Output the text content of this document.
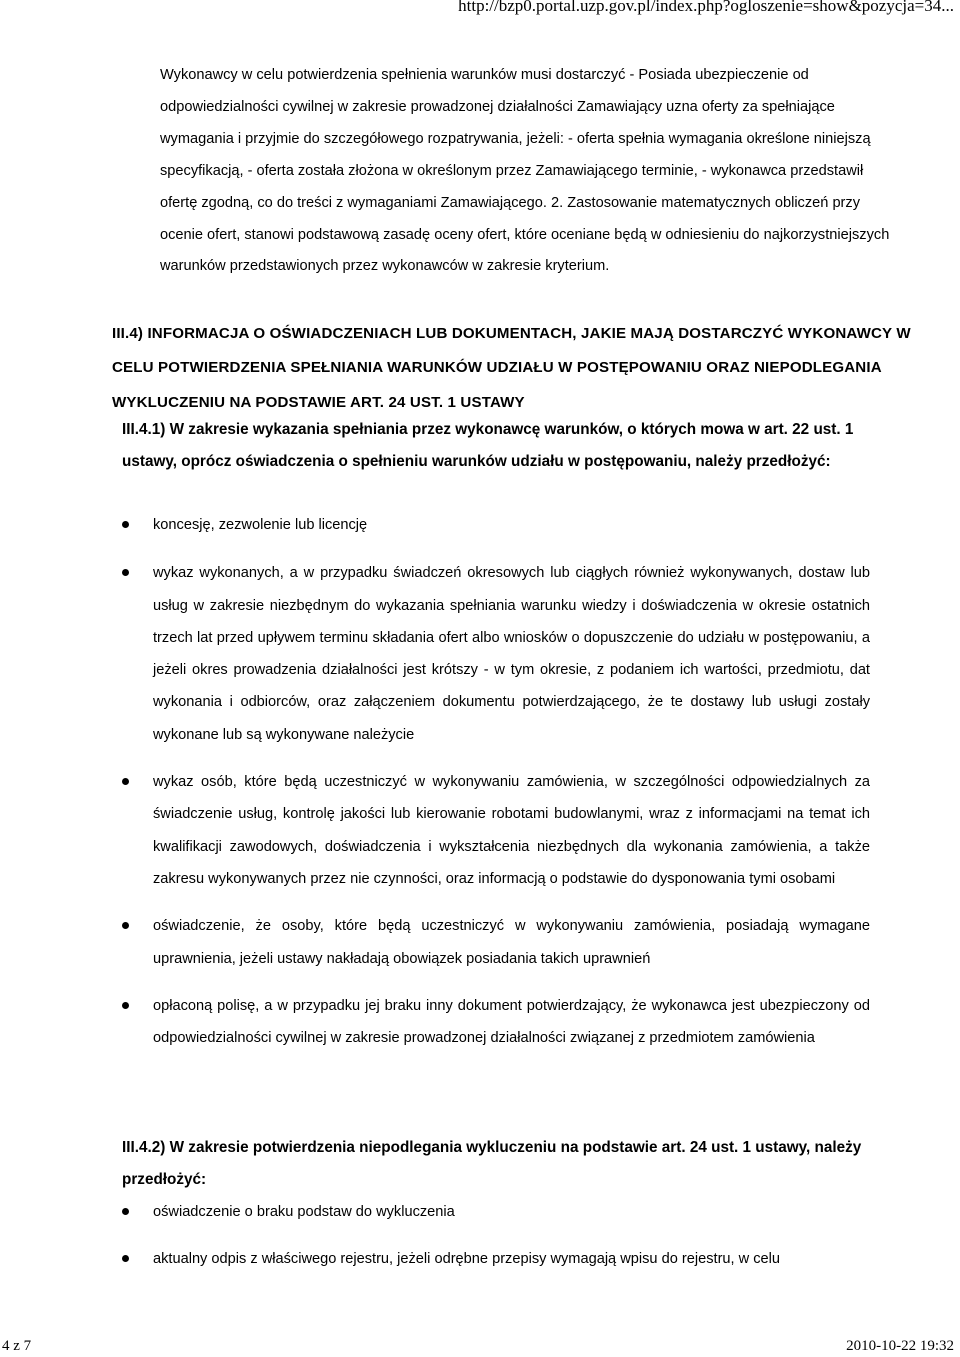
http://bzp0.portal.uzp.gov.pl/index.php?ogloszenie=show&pozycja=34...

Wykonawcy w celu potwierdzenia spełnienia warunków musi dostarczyć - Posiada ubezpieczenie od odpowiedzialności cywilnej w zakresie prowadzonej działalności Zamawiający uzna oferty za spełniające wymagania i przyjmie do szczegółowego rozpatrywania, jeżeli: - oferta spełnia wymagania określone niniejszą specyfikacją, - oferta została złożona w określonym przez Zamawiającego terminie, - wykonawca przedstawił ofertę zgodną, co do treści z wymaganiami Zamawiającego. 2. Zastosowanie matematycznych obliczeń przy ocenie ofert, stanowi podstawową zasadę oceny ofert, które oceniane będą w odniesieniu do najkorzystniejszych warunków przedstawionych przez wykonawców w zakresie kryterium.

III.4) INFORMACJA O OŚWIADCZENIACH LUB DOKUMENTACH, JAKIE MAJĄ DOSTARCZYĆ WYKONAWCY W CELU POTWIERDZENIA SPEŁNIANIA WARUNKÓW UDZIAŁU W POSTĘPOWANIU ORAZ NIEPODLEGANIA WYKLUCZENIU NA PODSTAWIE ART. 24 UST. 1 USTAWY

III.4.1) W zakresie wykazania spełniania przez wykonawcę warunków, o których mowa w art. 22 ust. 1 ustawy, oprócz oświadczenia o spełnieniu warunków udziału w postępowaniu, należy przedłożyć:

koncesję, zezwolenie lub licencję
wykaz wykonanych, a w przypadku świadczeń okresowych lub ciągłych również wykonywanych, dostaw lub usług w zakresie niezbędnym do wykazania spełniania warunku wiedzy i doświadczenia w okresie ostatnich trzech lat przed upływem terminu składania ofert albo wniosków o dopuszczenie do udziału w postępowaniu, a jeżeli okres prowadzenia działalności jest krótszy - w tym okresie, z podaniem ich wartości, przedmiotu, dat wykonania i odbiorców, oraz załączeniem dokumentu potwierdzającego, że te dostawy lub usługi zostały wykonane lub są wykonywane należycie
wykaz osób, które będą uczestniczyć w wykonywaniu zamówienia, w szczególności odpowiedzialnych za świadczenie usług, kontrolę jakości lub kierowanie robotami budowlanymi, wraz z informacjami na temat ich kwalifikacji zawodowych, doświadczenia i wykształcenia niezbędnych dla wykonania zamówienia, a także zakresu wykonywanych przez nie czynności, oraz informacją o podstawie do dysponowania tymi osobami
oświadczenie, że osoby, które będą uczestniczyć w wykonywaniu zamówienia, posiadają wymagane uprawnienia, jeżeli ustawy nakładają obowiązek posiadania takich uprawnień
opłaconą polisę, a w przypadku jej braku inny dokument potwierdzający, że wykonawca jest ubezpieczony od odpowiedzialności cywilnej w zakresie prowadzonej działalności związanej z przedmiotem zamówienia

III.4.2) W zakresie potwierdzenia niepodlegania wykluczeniu na podstawie art. 24 ust. 1 ustawy, należy przedłożyć:

oświadczenie o braku podstaw do wykluczenia
aktualny odpis z właściwego rejestru, jeżeli odrębne przepisy wymagają wpisu do rejestru, w celu
4 z 7	2010-10-22 19:32
